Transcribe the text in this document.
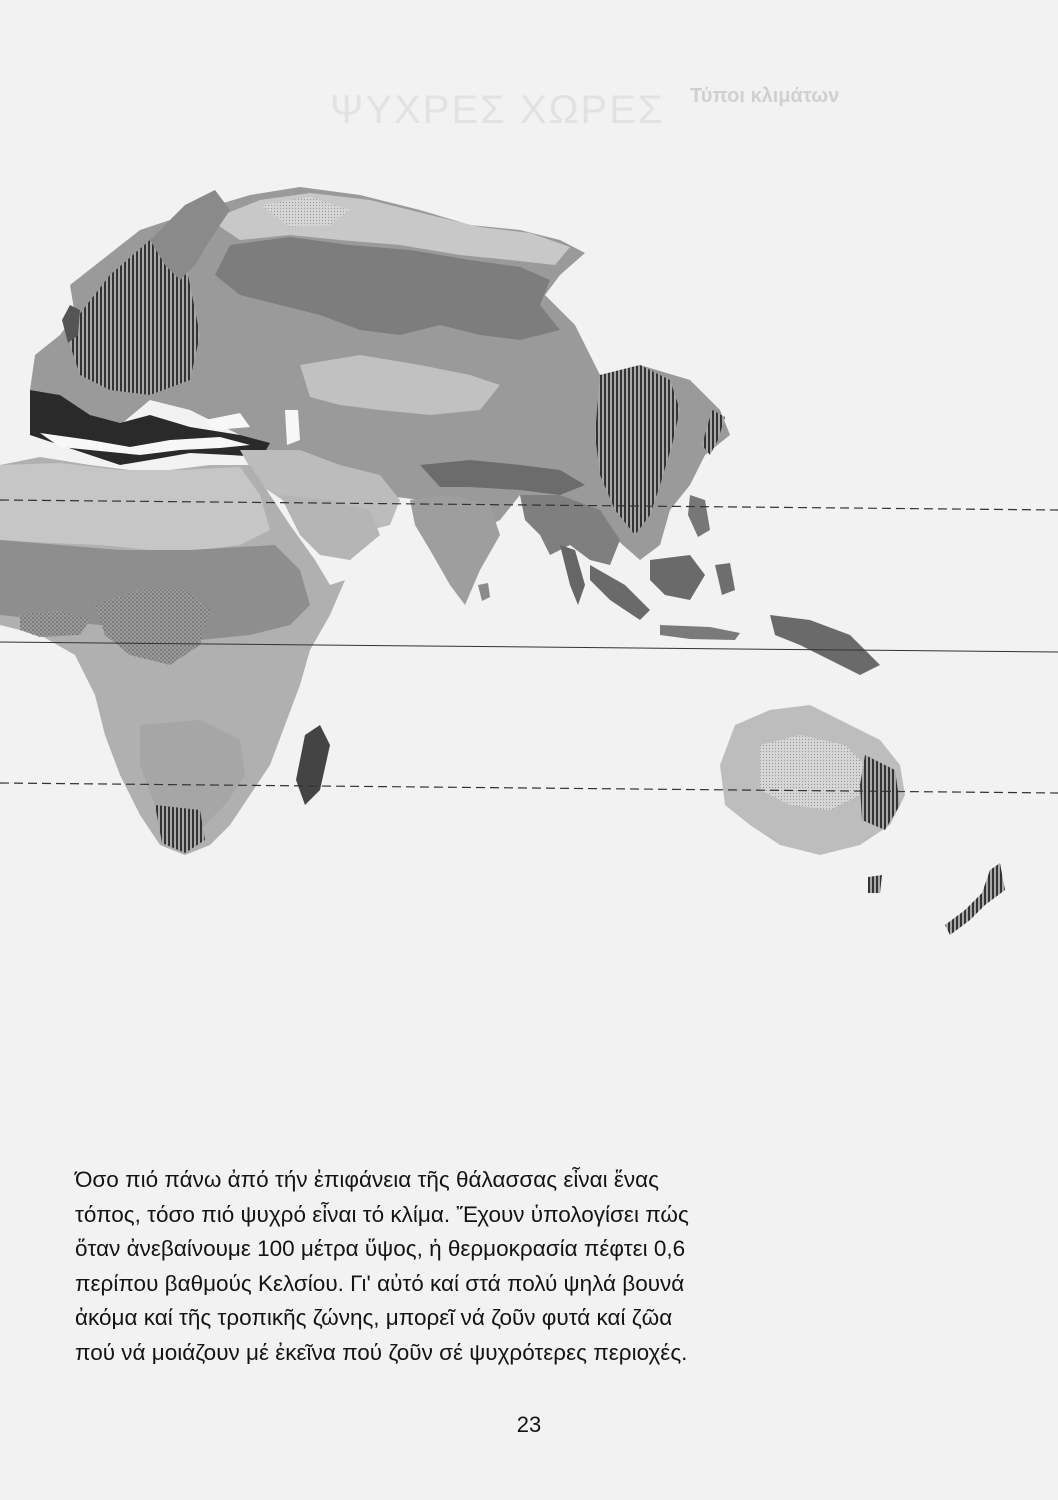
Τύποι κλιμάτων
ΨΥΧΡΕΣ ΧΩΡΕΣ
Όσο πιό πάνω ἀπό τήν ἐπιφάνεια τῆς θάλασσας εἶναι ἕνας
τόπος, τόσο πιό ψυχρό εἶναι τό κλίμα. Ἔχουν ὑπολογίσει πώς
ὅταν ἀνεβαίνουμε 100 μέτρα ὕψος, ἡ θερμοκρασία πέφτει 0,6
περίπου βαθμούς Κελσίου. Γι' αὐτό καί στά πολύ ψηλά βουνά
ἀκόμα καί τῆς τροπικῆς ζώνης, μπορεῖ νά ζοῦν φυτά καί ζῶα
πού νά μοιάζουν μέ ἐκεῖνα πού ζοῦν σέ ψυχρότερες περιοχές.
23
